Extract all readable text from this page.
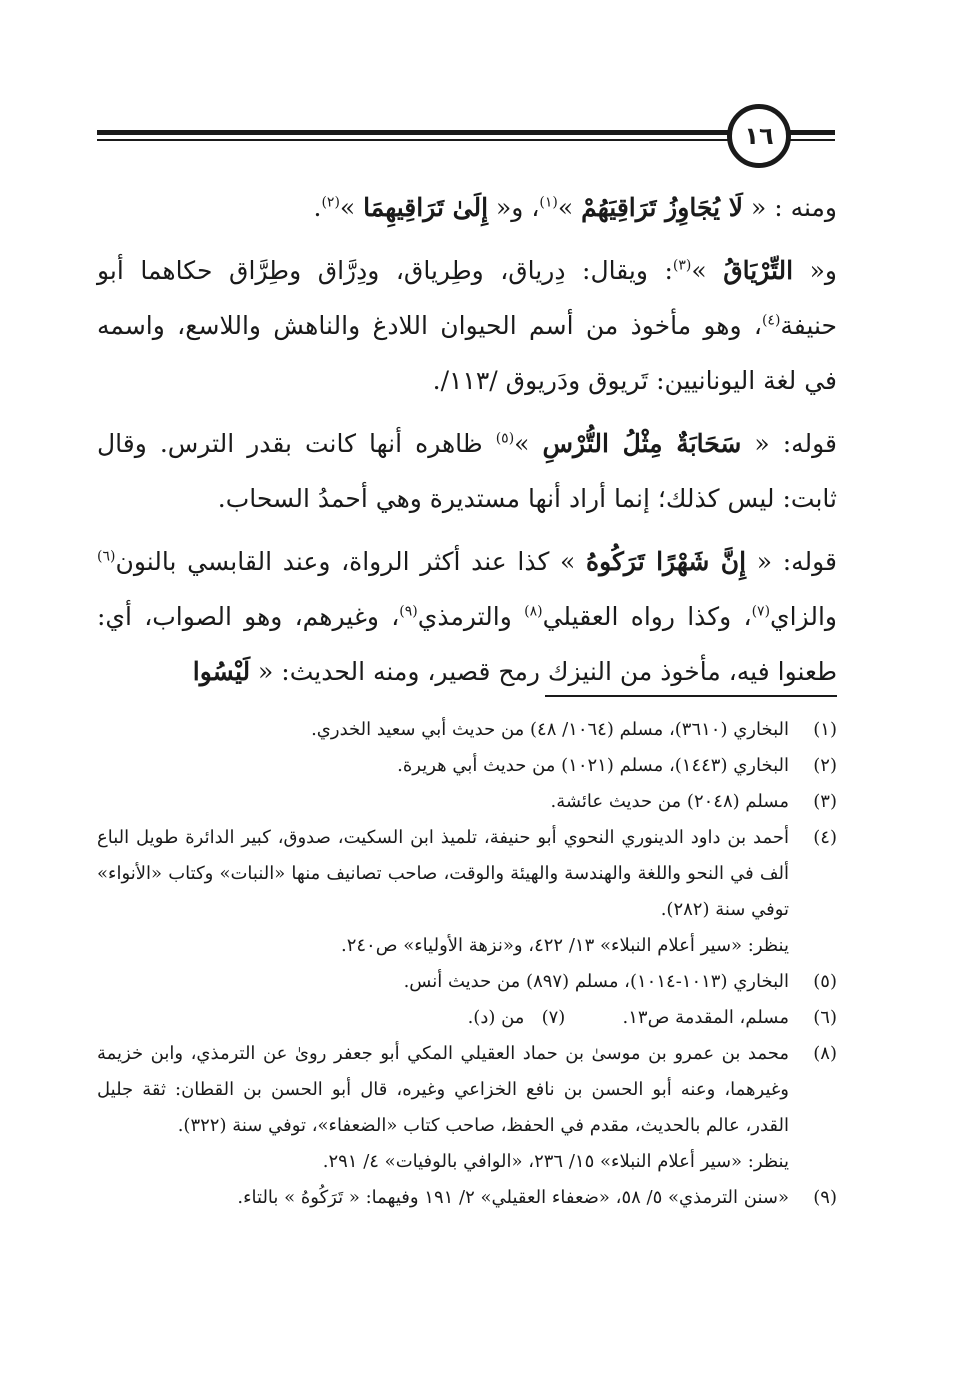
١٦

ومنه : « لَا يُجَاوِزُ تَرَاقِيَهُمْ »$^{(١)}$، و« إِلَىٰ تَرَاقِيهِمَا »$^{(٢)}$.

و« التِّرْيَاقُ »$^{(٣)}$: ويقال: دِرياق، وطِرياق، ودِرَّاق وطِرَّاق حكاهما أبو حنيفة$^{(٤)}$، وهو مأخوذ من أسم الحيوان اللادغ والناهش واللاسع، واسمه في لغة اليونانيين: تَريوق ودَريوق /١١٣/.

قوله: « سَحَابَةٌ مِثْلُ التُّرْسِ »$^{(٥)}$ ظاهره أنها كانت بقدر الترس. وقال ثابت: ليس كذلك؛ إنما أراد أنها مستديرة وهي أحمدُ السحاب.

قوله: « إِنَّ شَهْرًا تَرَكُوهُ » كذا عند أكثر الرواة، وعند القابسي بالنون$^{(٦)}$ والزاي$^{(٧)}$، وكذا رواه العقيلي$^{(٨)}$ والترمذي$^{(٩)}$، وغيرهم، وهو الصواب، أي: طعنوا فيه، مأخوذ من النيزك رمح قصير، ومنه الحديث: « لَيْسُوا

(١)

البخاري (٣٦١٠)، مسلم (١٠٦٤/ ٤٨) من حديث أبي سعيد الخدري.

(٢)

البخاري (١٤٤٣)، مسلم (١٠٢١) من حديث أبي هريرة.

(٣)

مسلم (٢٠٤٨) من حديث عائشة.

(٤)

أحمد بن داود الدينوري النحوي أبو حنيفة، تلميذ ابن السكيت، صدوق، كبير الدائرة طويل الباع ألف في النحو واللغة والهندسة والهيئة والوقت، صاحب تصانيف منها «النبات» وكتاب «الأنواء» توفي سنة (٢٨٢).

ينظر: «سير أعلام النبلاء» ١٣/ ٤٢٢، و«نزهة الأولياء» ص٢٤٠.

(٥)

البخاري (١٠١٣-١٠١٤)، مسلم (٨٩٧) من حديث أنس.

(٦)

مسلم، المقدمة ص١٣.          (٧)   من (د).

(٨)

محمد بن عمرو بن موسىٰ بن حماد العقيلي المكي أبو جعفر روىٰ عن الترمذي، وابن خزيمة وغيرهما، وعنه أبو الحسن بن نافع الخزاعي وغيره، قال أبو الحسن بن القطان: ثقة جليل القدر، عالم بالحديث، مقدم في الحفظ، صاحب كتاب «الضعفاء»، توفي سنة (٣٢٢).

ينظر: «سير أعلام النبلاء» ١٥/ ٢٣٦، «الوافي بالوفيات» ٤/ ٢٩١.

(٩)

«سنن الترمذي» ٥/ ٥٨، «ضعفاء العقيلي» ٢/ ١٩١ وفيهما: « تَرَكُوهُ » بالتاء.
